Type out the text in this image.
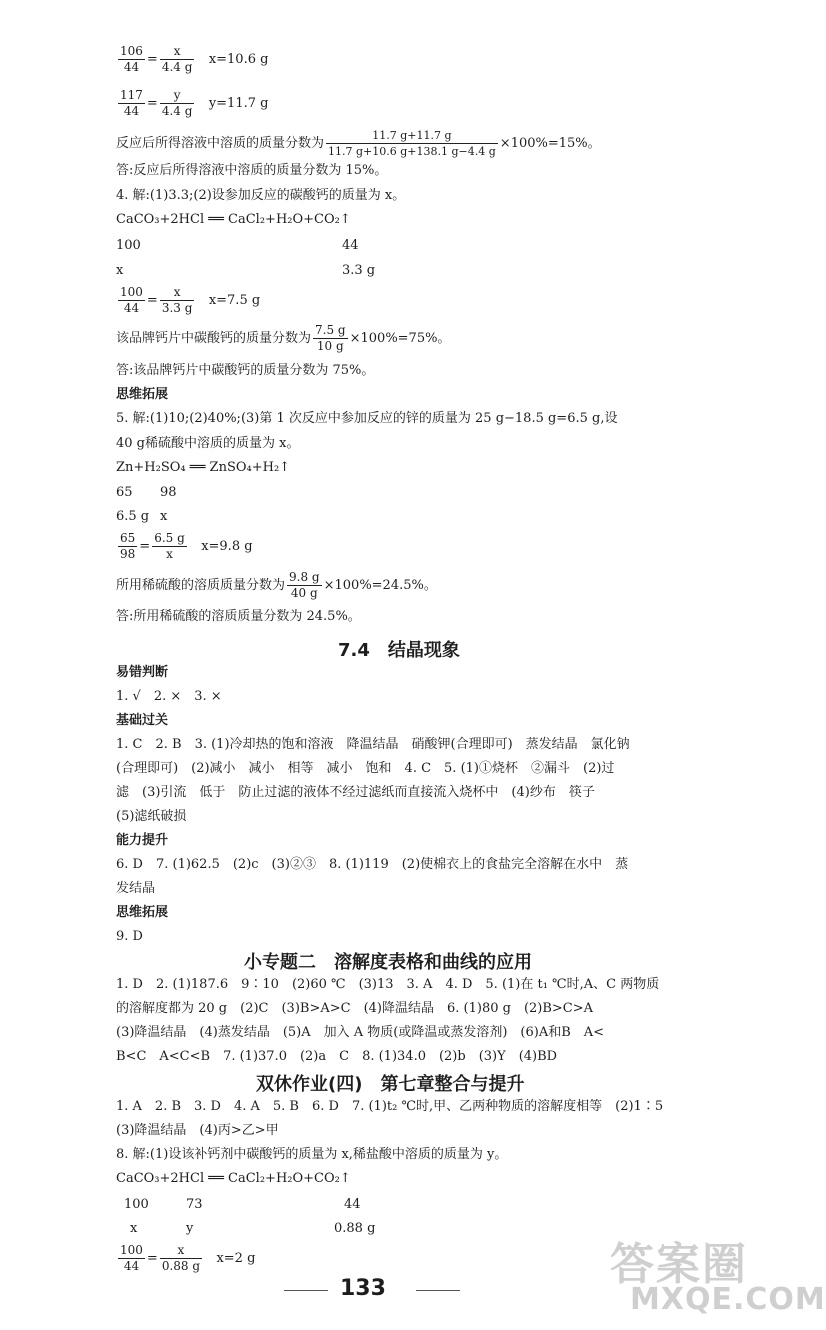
$\frac{106}{44} = \frac{x}{4.4 g} x=10.6$ g
$\frac{117}{44} = \frac{y}{4.4 g} y=11.7$ g
反应后所得溶液中溶质的质量分数为 $\frac{11.7 g+11.7 g}{11.7 g+10.6 g+138.1 g-4.4 g} \times 100\%=15\%$。
答:反应后所得溶液中溶质的质量分数为 15%。
4. 解:(1)3.3;(2)设参加反应的碳酸钙的质量为 x。
CaCO₃+2HCl ══ CaCl₂+H₂O+CO₂↑
100	44
x	3.3 g
$\frac{100}{44} = \frac{x}{3.3 g} x=7.5$ g
该品牌钙片中碳酸钙的质量分数为 $\frac{7.5 g}{10 g} \times 100\%=75\%$。
答:该品牌钙片中碳酸钙的质量分数为 75%。
思维拓展
5. 解:(1)10;(2)40%;(3)第 1 次反应中参加反应的锌的质量为 25 g−18.5 g=6.5 g,设
40 g稀硫酸中溶质的质量为 x。
Zn+H₂SO₄ ══ ZnSO₄+H₂↑
65 98
6.5 g x
$\frac{65}{98} = \frac{6.5 g}{x} x=9.8$ g
所用稀硫酸的溶质质量分数为 $\frac{9.8 g}{40 g} \times 100\%=24.5\%$。
答:所用稀硫酸的溶质质量分数为 24.5%。
7.4　结晶现象
易错判断
1. √　2. ×　3. ×
基础过关
1. C　2. B　3. (1)冷却热的饱和溶液　降温结晶　硝酸钾(合理即可)　蒸发结晶　氯化钠
(合理即可)　(2)减小　减小　相等　减小　饱和　4. C　5. (1)①烧杯　②漏斗　(2)过
滤　(3)引流　低于　防止过滤的液体不经过滤纸而直接流入烧杯中　(4)纱布　筷子
(5)滤纸破损
能力提升
6. D　7. (1)62.5　(2)c　(3)②③　8. (1)119　(2)使棉衣上的食盐完全溶解在水中　蒸
发结晶
思维拓展
9. D
小专题二　溶解度表格和曲线的应用
1. D　2. (1)187.6　9∶10　(2)60 ℃　(3)13　3. A　4. D　5. (1)在 t₁ ℃时,A、C 两物质
的溶解度都为 20 g　(2)C　(3)B>A>C　(4)降温结晶　6. (1)80 g　(2)B>C>A
(3)降温结晶　(4)蒸发结晶　(5)A　加入 A 物质(或降温或蒸发溶剂)　(6)A和B　A<
B<C　A<C<B　7. (1)37.0　(2)a　C　8. (1)34.0　(2)b　(3)Y　(4)BD
双休作业(四)　第七章整合与提升
1. A　2. B　3. D　4. A　5. B　6. D　7. (1)t₂ ℃时,甲、乙两种物质的溶解度相等　(2)1∶5
(3)降温结晶　(4)丙>乙>甲
8. 解:(1)设该补钙剂中碳酸钙的质量为 x,稀盐酸中溶质的质量为 y。
CaCO₃+2HCl ══ CaCl₂+H₂O+CO₂↑
100	73	44
x	y	0.88 g
$\frac{100}{44} = \frac{x}{0.88 g} x=2$ g
133	答案圈
MXQE.COM
